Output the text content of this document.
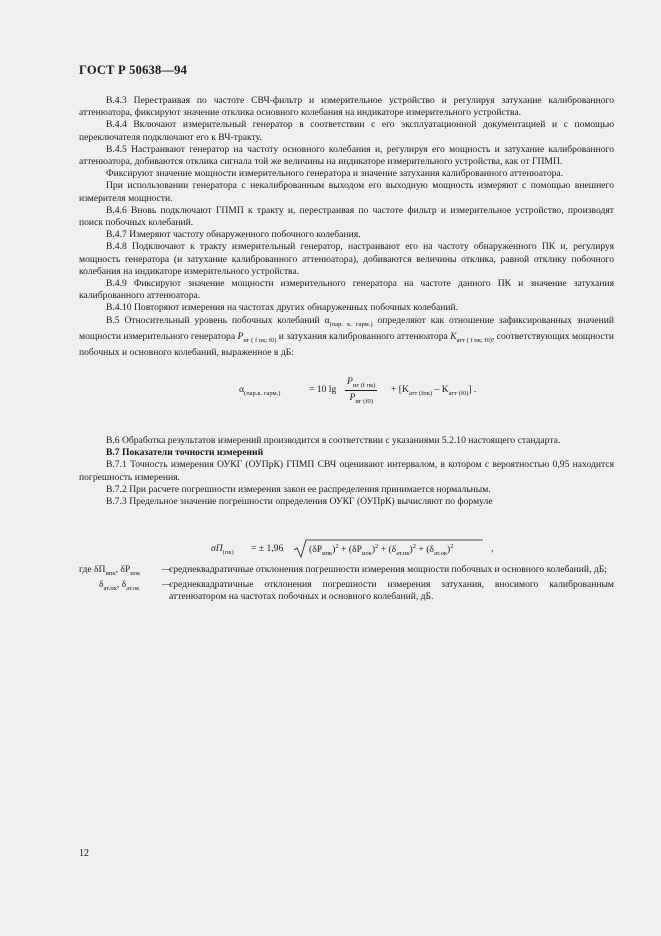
ГОСТ Р 50638—94

В.4.3 Перестраивая по частоте СВЧ-фильтр и измерительное устройство и регулируя затухание калиброванного аттенюатора, фиксируют значение отклика основного колебания на индикаторе измерительного устройства.

В.4.4 Включают измерительный генератор в соответствии с его эксплуатационной документацией и с помощью переключателя подключают его к ВЧ-тракту.

В.4.5 Настраивают генератор на частоту основного колебания и, регулируя его мощность и затухание калиброванного аттенюатора, добиваются отклика сигнала той же величины на индикаторе измерительного устройства, как от ГПМП.

Фиксируют значение мощности измерительного генератора и значение затухания калиброванного аттенюатора.

При использовании генератора с некалиброванным выходом его выходную мощность измеряют с помощью внешнего измерителя мощности.

В.4.6 Вновь подключают ГПМП к тракту и, перестраивая по частоте фильтр и измерительное устройство, производят поиск побочных колебаний.

В.4.7 Измеряют частоту обнаруженного побочного колебания.

В.4.8 Подключают к тракту измерительный генератор, настраивают его на частоту обнаруженного ПК и, регулируя мощность генератора (и затухание калиброванного аттенюатора), добиваются величины отклика, равной отклику побочного колебания на индикаторе измерительного устройства.

В.4.9 Фиксируют значение мощности измерительного генератора на частоте данного ПК и значение затухания калиброванного аттенюатора.

В.4.10 Повторяют измерения на частотах других обнаруженных побочных колебаний.

В.5 Относительный уровень побочных колебаний $\alpha_{(пар. к. гарм.)}$ определяют как отношение зафиксированных значений мощности измерительного генератора $P_{иг ( f пк; f0)}$ и затухания калиброванного аттенюатора $K_{атт ( f пк; f0)}$, соответствующих мощности побочных и основного колебаний, выраженное в дБ:

$\alpha_{(пар.к. гарм.)}$	= 10 lg
$P_{иг (f пк)}$
$P_{иг (f0)}$
+ $[K_{атт (fпк)} - K_{атт (f0)}]$ .

В.6 Обработка результатов измерений производится в соответствии с указаниями 5.2.10 настоящего стандарта.

В.7 Показатели точности измерений

В.7.1 Точность измерения ОУКГ (ОУПрК) ГПМП СВЧ оценивают интервалом, в котором с вероятностью 0,95 находится погрешность измерения.

В.7.2 При расчете погрешности измерения закон ее распределения принимается нормальным.

В.7.3 Предельное значение погрешности определения ОУКГ (ОУПрК) вычисляют по формуле

$\sigma П_{(пк)}$ = ± 1,96	$(\delta P_{ипк})^2 + (\delta P_{иок})^2 + (\delta_{ат.пк})^2 + (\delta_{ат.ок})^2$	,
где $\delta П_{ипк}$, $\delta P_{иок}$ —
среднеквадратичные отклонения погрешности измерения мощности побочных и основного колебаний, дБ;
$\delta_{ат.пк}$, $\delta_{ат.ок}$ —
среднеквадратичные отклонения погрешности измерения затухания, вносимого калиброванным аттенюатором на частотах побочных и основного колебаний, дБ.
12
